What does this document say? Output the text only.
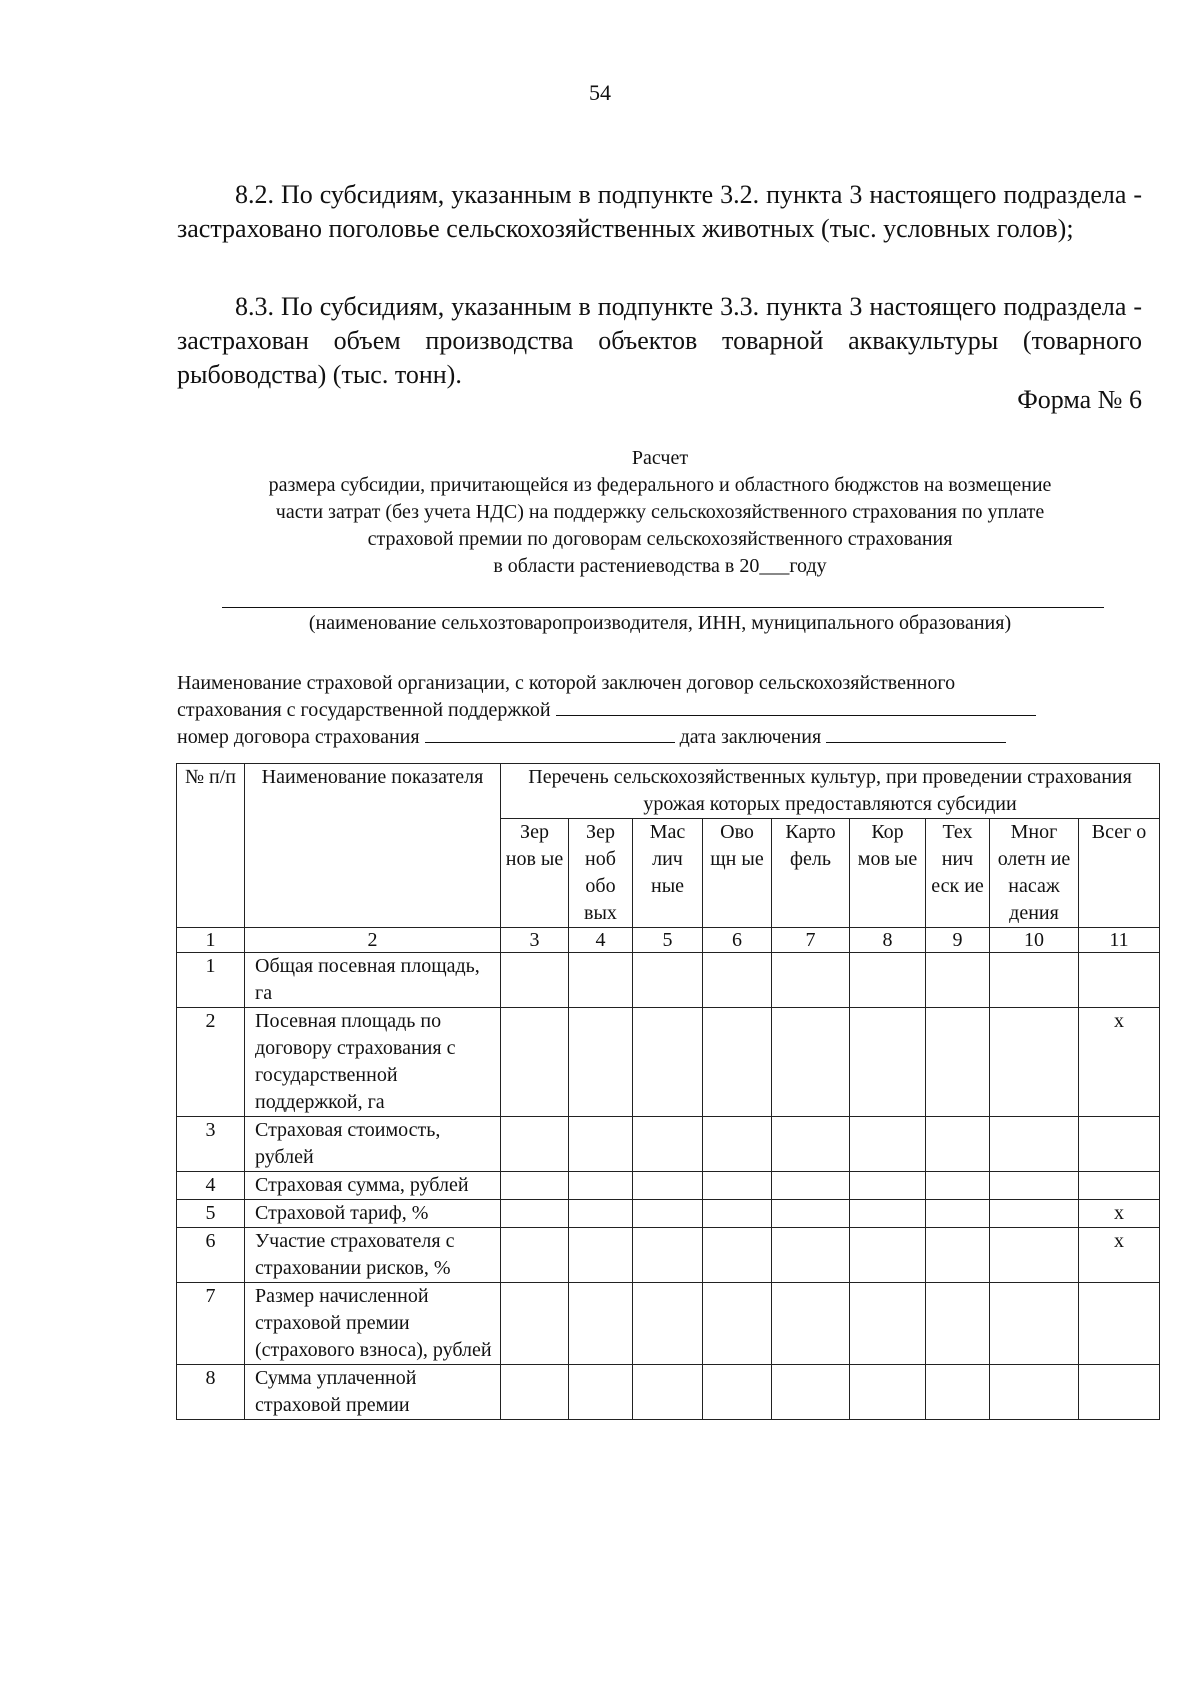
54

8.2. По субсидиям, указанным в подпункте 3.2. пункта 3 настоящего подраздела - застраховано поголовье сельскохозяйственных животных (тыс. условных голов);

8.3. По субсидиям, указанным в подпункте 3.3. пункта 3 настоящего подраздела - застрахован объем производства объектов товарной аквакультуры (товарного рыбоводства) (тыс. тонн).

Форма № 6
Расчет
размера субсидии, причитающейся из федерального и областного бюджстов на возмещение
части затрат (без учета НДС) на поддержку сельскохозяйственного страхования по уплате
страховой премии по договорам сельскохозяйственного страхования
в области растениеводства в 20___году
(наименование сельхозтоваропроизводителя, ИНН, муниципального образования)
Наименование страховой организации, с которой заключен договор сельскохозяйственного
страхования с государственной поддержкой
номер договора страхования	дата заключения
№ п/п	Наименование показателя	Перечень сельскохозяйственных культур, при проведении страхования урожая которых предоставляются субсидии								
		Зер нов ые	Зер ноб обо вых	Мас лич ные	Ово щн ые	Карто фель	Кор мов ые	Тех нич еск ие	Мног олетн ие насаж дения	Всег о
1	2	3	4	5	6	7	8	9	10	11
1	Общая посевная площадь, га									
2	Посевная площадь по договору страхования с государственной поддержкой, га									х
3	Страховая стоимость, рублей									
4	Страховая сумма, рублей									
5	Страховой тариф, %									х
6	Участие страхователя с страховании рисков, %									х
7	Размер начисленной страховой премии (страхового взноса), рублей									
8	Сумма уплаченной страховой премии									
